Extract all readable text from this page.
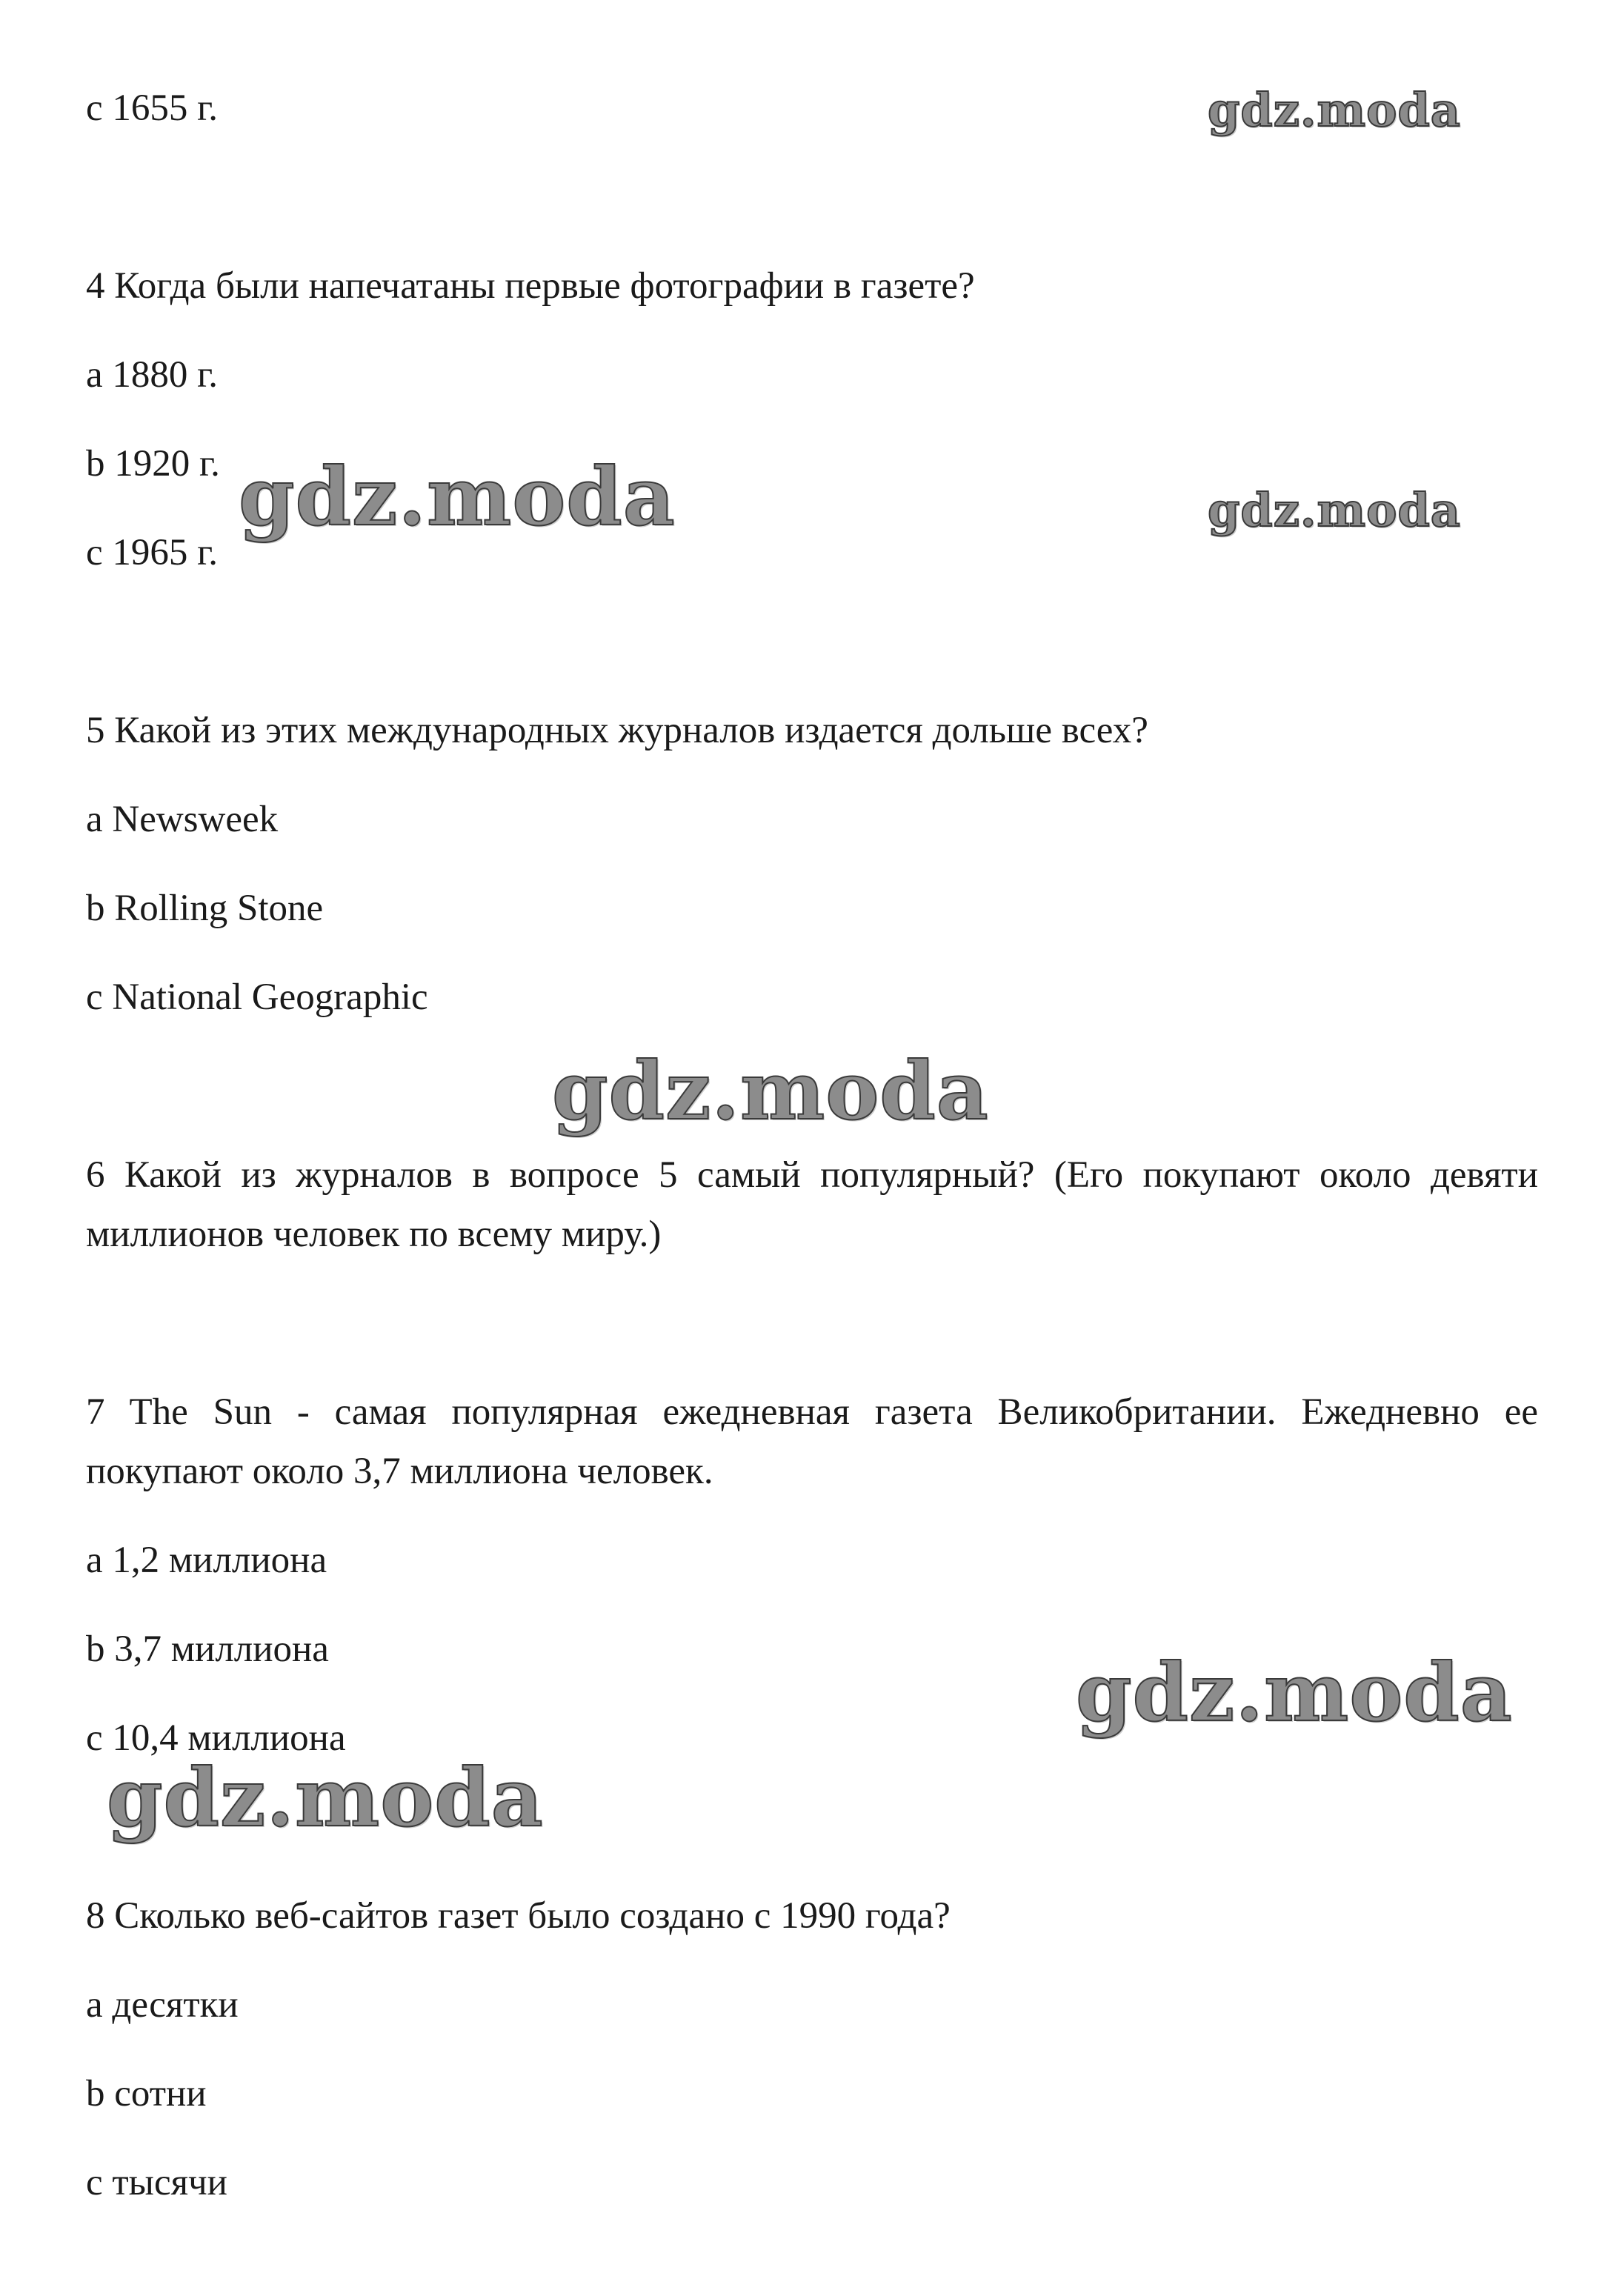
c 1655 г.
4 Когда были напечатаны первые фотографии в газете?
a 1880 г.
b 1920 г.
c 1965 г.
5 Какой из этих международных журналов издается дольше всех?
a Newsweek
b Rolling Stone
c National Geographic
6 Какой из журналов в вопросе 5 самый популярный? (Его покупают около девяти миллионов человек по всему миру.)
7 The Sun - самая популярная ежедневная газета Великобритании. Ежедневно ее покупают около 3,7 миллиона человек.
a 1,2 миллиона
b 3,7 миллиона
c 10,4 миллиона
8 Сколько веб-сайтов газет было создано с 1990 года?
a десятки
b сотни
c тысячи
gdz.moda
gdz.moda	gdz.moda
gdz.moda
gdz.moda
gdz.moda
